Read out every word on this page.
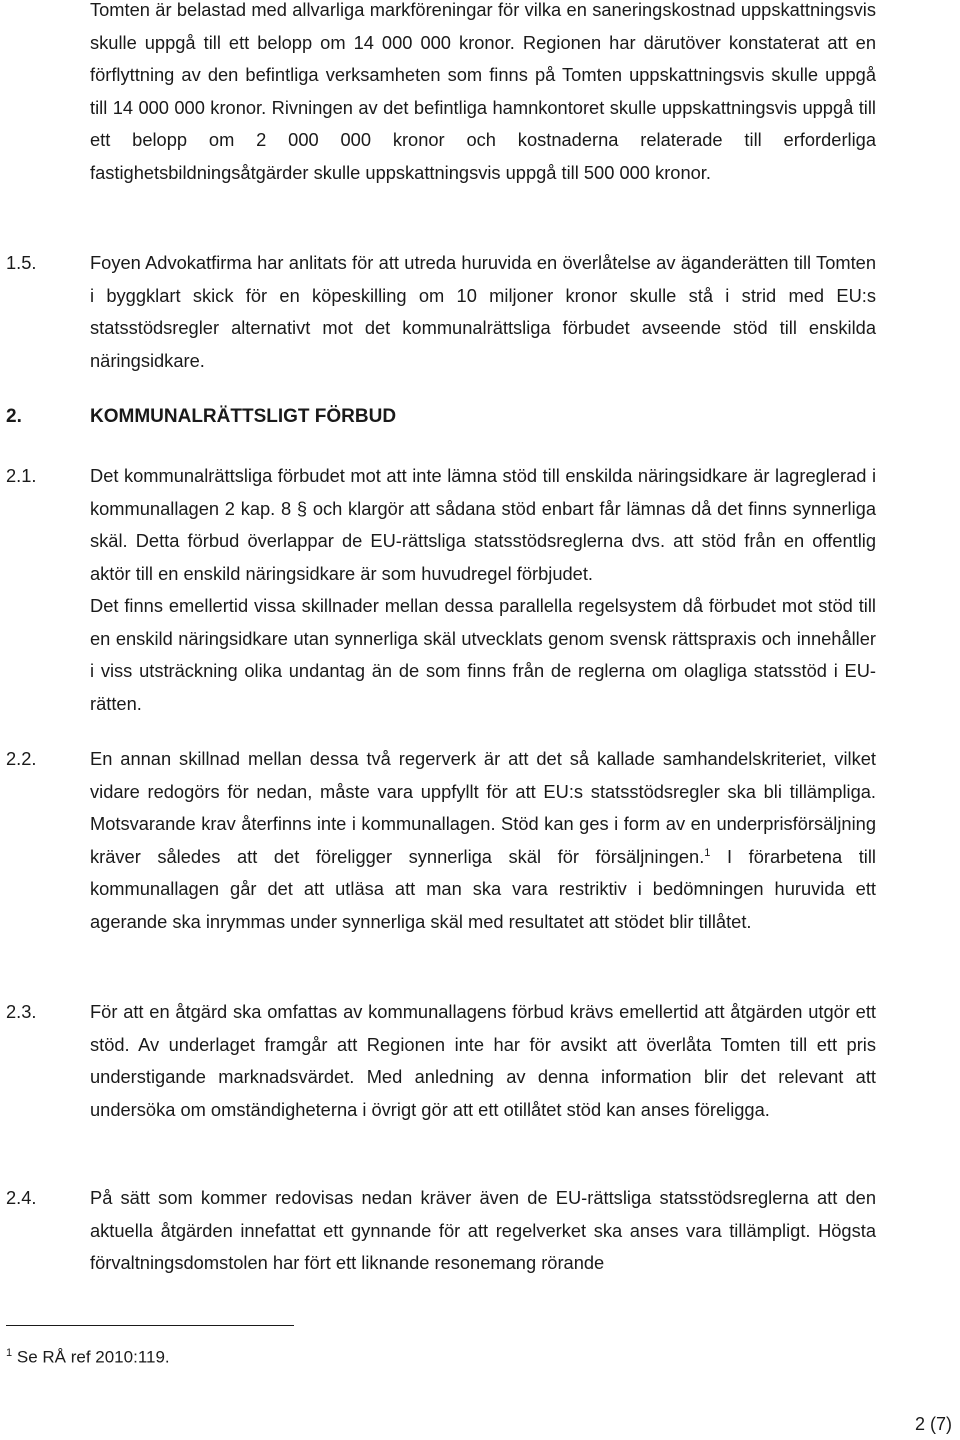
Tomten är belastad med allvarliga markföreningar för vilka en saneringskostnad uppskattningsvis skulle uppgå till ett belopp om 14 000 000 kronor. Regionen har därutöver konstaterat att en förflyttning av den befintliga verksamheten som finns på Tomten uppskattningsvis skulle uppgå till 14 000 000 kronor. Rivningen av det befintliga hamnkontoret skulle uppskattningsvis uppgå till ett belopp om 2 000 000 kronor och kostnaderna relaterade till erforderliga fastighetsbildningsåtgärder skulle uppskattningsvis uppgå till 500 000 kronor.

1.5.	Foyen Advokatfirma har anlitats för att utreda huruvida en överlåtelse av äganderätten till Tomten i byggklart skick för en köpeskilling om 10 miljoner kronor skulle stå i strid med EU:s statsstödsregler alternativt mot det kommunalrättsliga förbudet avseende stöd till enskilda näringsidkare.

2.	KOMMUNALRÄTTSLIGT FÖRBUD
2.1.	Det kommunalrättsliga förbudet mot att inte lämna stöd till enskilda näringsidkare är lagreglerad i kommunallagen 2 kap. 8 § och klargör att sådana stöd enbart får lämnas då det finns synnerliga skäl. Detta förbud överlappar de EU-rättsliga statsstödsreglerna dvs. att stöd från en offentlig aktör till en enskild näringsidkare är som huvudregel förbjudet.

Det finns emellertid vissa skillnader mellan dessa parallella regelsystem då förbudet mot stöd till en enskild näringsidkare utan synnerliga skäl utvecklats genom svensk rättspraxis och innehåller i viss utsträckning olika undantag än de som finns från de reglerna om olagliga statsstöd i EU-rätten.

2.2.	En annan skillnad mellan dessa två regerverk är att det så kallade samhandelskriteriet, vilket vidare redogörs för nedan, måste vara uppfyllt för att EU:s statsstödsregler ska bli tillämpliga. Motsvarande krav återfinns inte i kommunallagen. Stöd kan ges i form av en underprisförsäljning kräver således att det föreligger synnerliga skäl för försäljningen.$^1$ I förarbetena till kommunallagen går det att utläsa att man ska vara restriktiv i bedömningen huruvida ett agerande ska inrymmas under synnerliga skäl med resultatet att stödet blir tillåtet.

2.3.	För att en åtgärd ska omfattas av kommunallagens förbud krävs emellertid att åtgärden utgör ett stöd. Av underlaget framgår att Regionen inte har för avsikt att överlåta Tomten till ett pris understigande marknadsvärdet. Med anledning av denna information blir det relevant att undersöka om omständigheterna i övrigt gör att ett otillåtet stöd kan anses föreligga.

2.4.	På sätt som kommer redovisas nedan kräver även de EU-rättsliga statsstödsreglerna att den aktuella åtgärden innefattat ett gynnande för att regelverket ska anses vara tillämpligt. Högsta förvaltningsdomstolen har fört ett liknande resonemang rörande

$^1$ Se RÅ ref 2010:119.
2 (7)
